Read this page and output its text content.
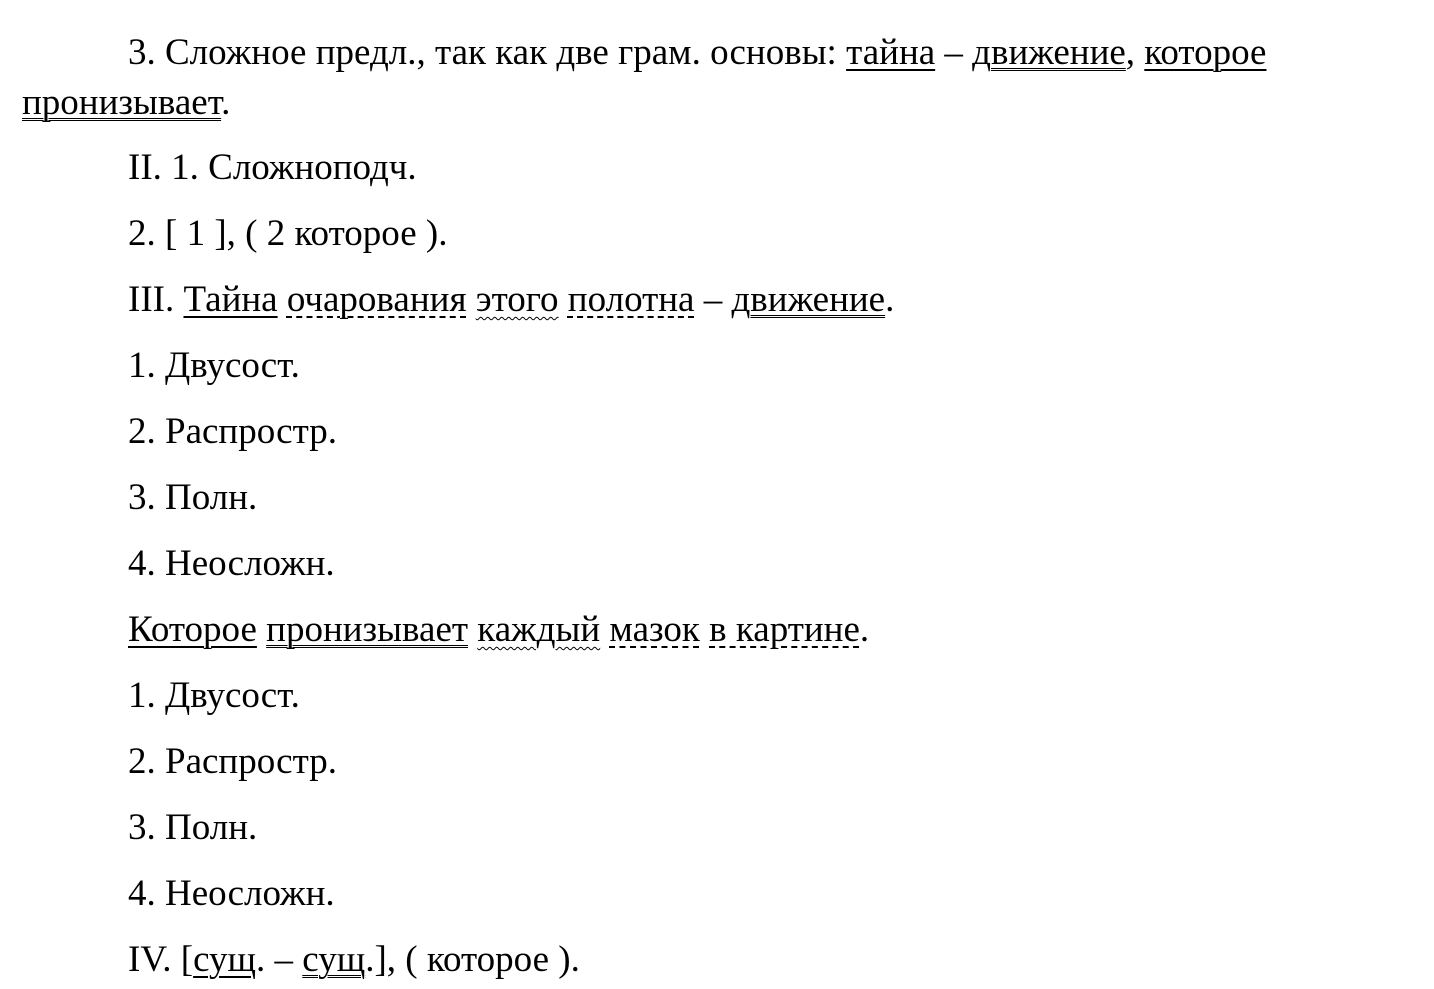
3. Сложное предл., так как две грам. основы: тайна – движение, которое
пронизывает.
II. 1. Сложноподч.
2. [ 1 ], ( 2 которое ).
III. Тайна очарования этого полотна – движение.
1. Двусост.
2. Распростр.
3. Полн.
4. Неосложн.
Которое пронизывает каждый мазок в картине.
1. Двусост.
2. Распростр.
3. Полн.
4. Неосложн.
IV. [сущ. – сущ.], ( которое ).
